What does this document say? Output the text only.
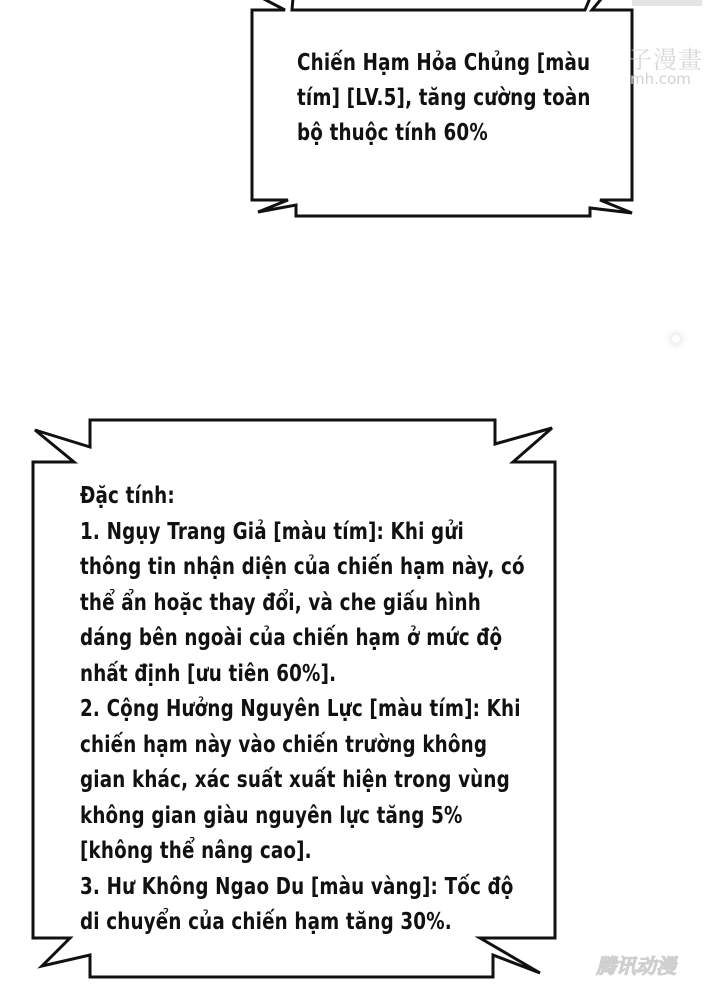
子漫畫
mh.com
Chiến Hạm Hỏa Chủng [màu
tím] [LV.5], tăng cường toàn
bộ thuộc tính 60%
Đặc tính:
1. Ngụy Trang Giả [màu tím]: Khi gửi
thông tin nhận diện của chiến hạm này, có
thể ẩn hoặc thay đổi, và che giấu hình
dáng bên ngoài của chiến hạm ở mức độ
nhất định [ưu tiên 60%].
2. Cộng Hưởng Nguyên Lực [màu tím]: Khi
chiến hạm này vào chiến trường không
gian khác, xác suất xuất hiện trong vùng
không gian giàu nguyên lực tăng 5%
[không thể nâng cao].
3. Hư Không Ngao Du [màu vàng]: Tốc độ
di chuyển của chiến hạm tăng 30%.
腾讯动漫
